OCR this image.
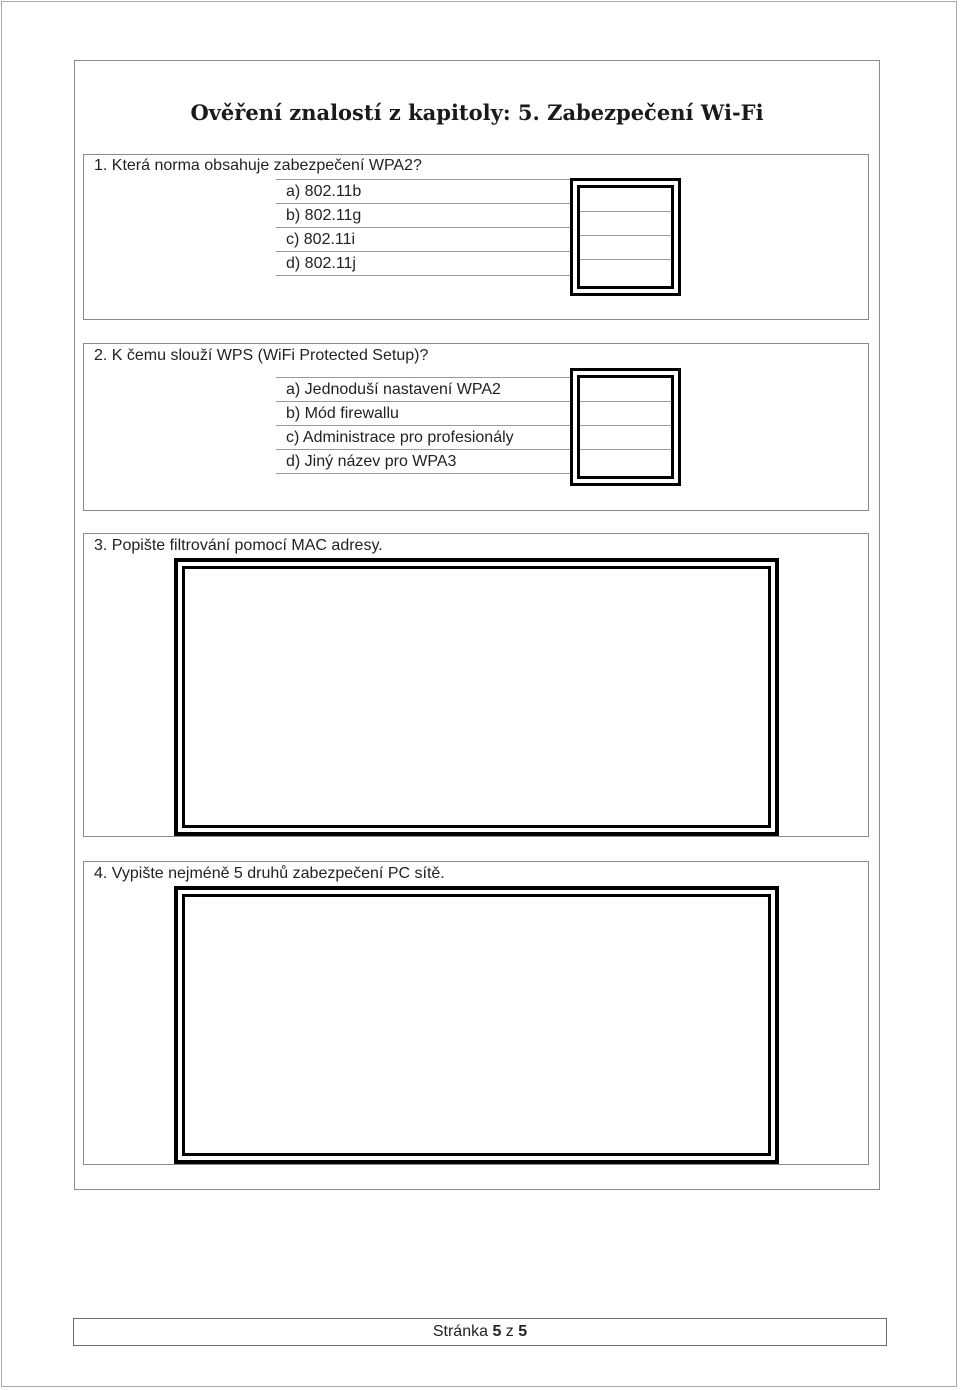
Ověření znalostí z kapitoly: 5. Zabezpečení Wi-Fi
1. Která norma obsahuje zabezpečení WPA2?
a) 802.11b
b) 802.11g
c) 802.11i
d) 802.11j
2. K čemu slouží WPS (WiFi Protected Setup)?
a) Jednoduší nastavení WPA2
b) Mód firewallu
c) Administrace pro profesionály
d) Jiný název pro WPA3
3. Popište filtrování pomocí MAC adresy.
4. Vypište nejméně 5 druhů zabezpečení PC sítě.
Stránka 5 z 5
